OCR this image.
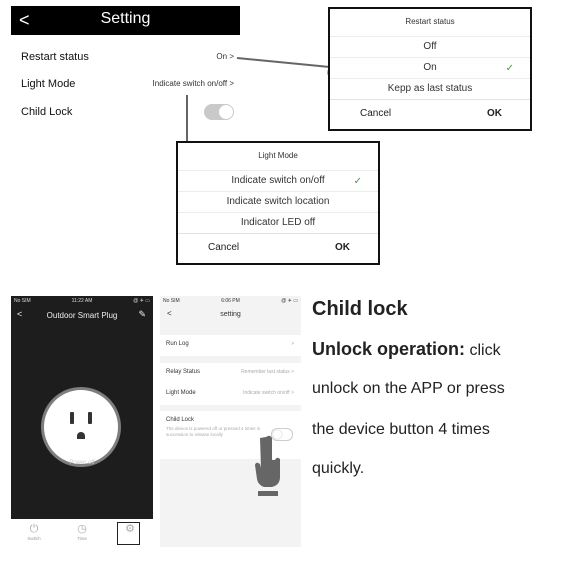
<	Setting
Restart status	On >
Light Mode	Indicate switch on/off >
Child Lock
Restart status
Off
On	✓
Kepp as last status
Cancel	OK
Light Mode
Indicate switch on/off	✓
Indicate switch location
Indicator LED off
Cancel	OK
No SIM	11:22 AM	@ ✈ ▭
<	Outdoor Smart Plug	✎
Power off
⏻
Swtich
◷
Time
⚙
No SIM	6:06 PM	@ ✈ ▭
<	setting
Run Log	>
Relay Status	Remember last status >
Light Mode	Indicate switch on/off >
Child Lock
The device is powered off or pressed 4 times in succession to release locally
Child lock
Unlock operation: click
unlock on the APP or press
the device button 4 times
quickly.
